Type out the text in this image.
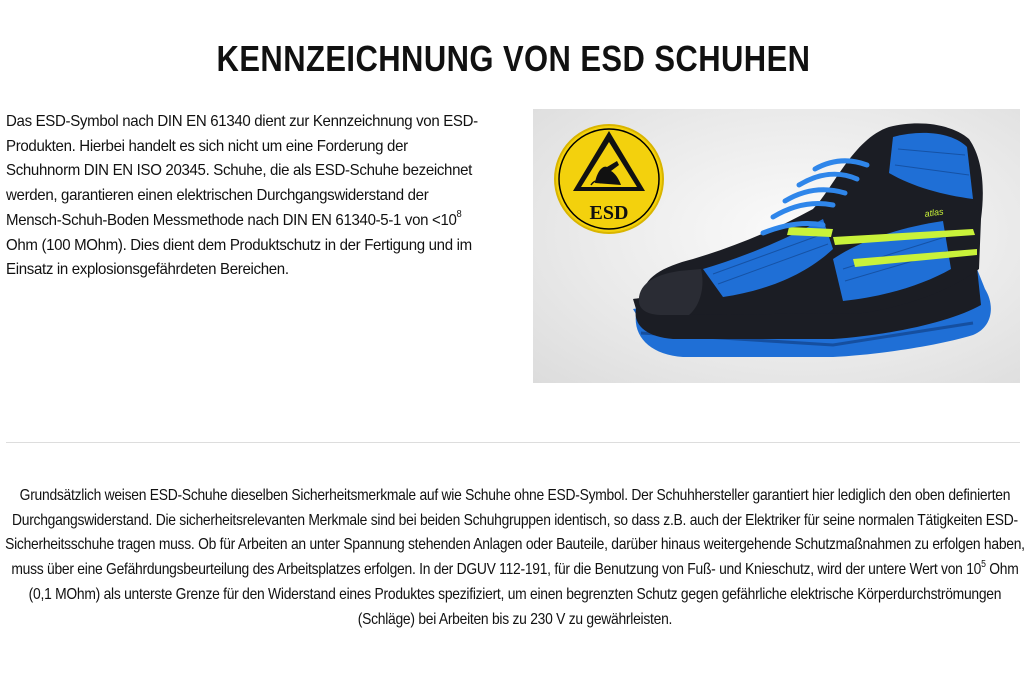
KENNZEICHNUNG VON ESD SCHUHEN
Das ESD-Symbol nach DIN EN 61340 dient zur Kennzeichnung von ESD-Produkten. Hierbei handelt es sich nicht um eine Forderung der Schuhnorm DIN EN ISO 20345. Schuhe, die als ESD-Schuhe bezeichnet werden, garantieren einen elektrischen Durchgangswiderstand der Mensch-Schuh-Boden Messmethode nach DIN EN 61340-5-1 von $<10^8$ Ohm (100 MOhm). Dies dient dem Produktschutz in der Fertigung und im Einsatz in explosionsgefährdeten Bereichen.
ESD	atlas
Grundsätzlich weisen ESD-Schuhe dieselben Sicherheitsmerkmale auf wie Schuhe ohne ESD-Symbol. Der Schuhhersteller garantiert hier lediglich den oben definierten Durchgangswiderstand. Die sicherheitsrelevanten Merkmale sind bei beiden Schuhgruppen identisch, so dass z.B. auch der Elektriker für seine normalen Tätigkeiten ESD-Sicherheitsschuhe tragen muss. Ob für Arbeiten an unter Spannung stehenden Anlagen oder Bauteile, darüber hinaus weitergehende Schutzmaßnahmen zu erfolgen haben, muss über eine Gefährdungsbeurteilung des Arbeitsplatzes erfolgen. In der DGUV 112-191, für die Benutzung von Fuß- und Knieschutz, wird der untere Wert von $10^5$ Ohm (0,1 MOhm) als unterste Grenze für den Widerstand eines Produktes spezifiziert, um einen begrenzten Schutz gegen gefährliche elektrische Körperdurchströmungen (Schläge) bei Arbeiten bis zu 230 V zu gewährleisten.
